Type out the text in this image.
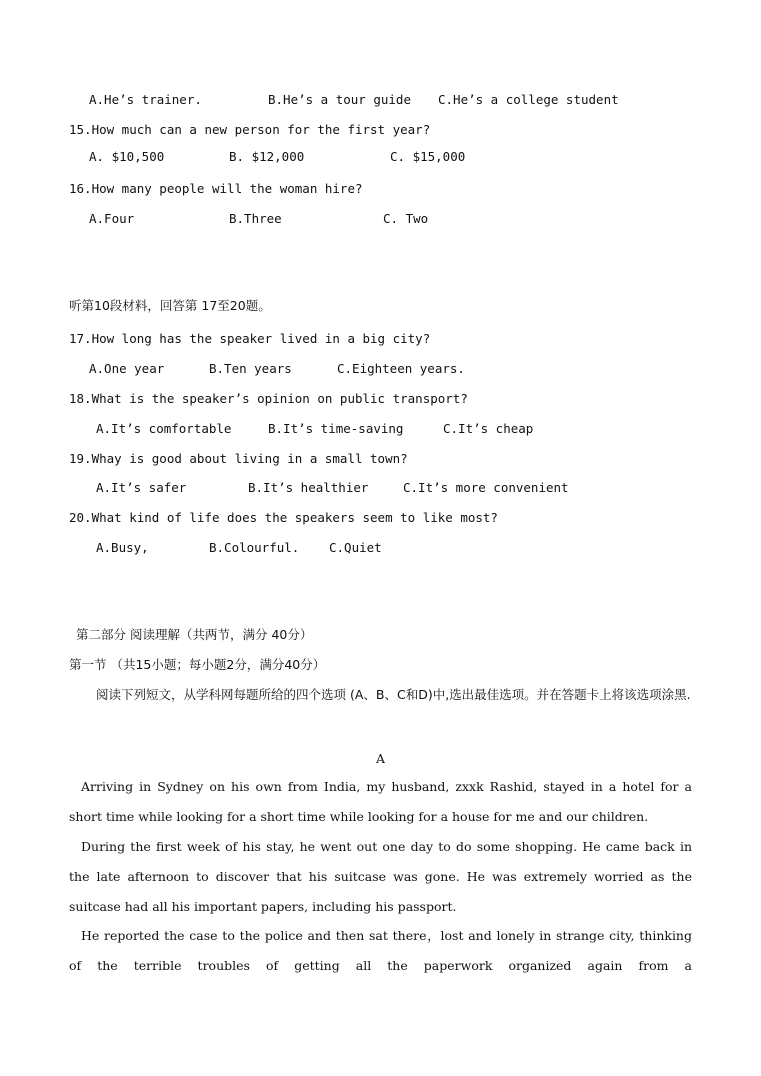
A.He’s trainer.	B.He’s a tour guide C.He’s a college student
15.How much can a new person for the first year?
A. $10,500	B. $12,000	C. $15,000
16.How many people will the woman hire?
A.Four	B.Three	C. Two
听第10段材料，回答第 17至20题。
17.How long has the speaker lived in a big city?
A.One year	B.Ten years	C.Eighteen years.
18.What is the speaker’s opinion on public transport?
A.It’s comfortable	B.It’s time-saving	C.It’s cheap
19.Whay is good about living in a small town?
A.It’s safer	B.It’s healthier	C.It’s more convenient
20.What kind of life does the speakers seem to like most?
A.Busy,	B.Colourful. C.Quiet
第二部分 阅读理解（共两节，满分 40分）
第一节 （共15小题；每小题2分，满分40分）
阅读下列短文，从学科网每题所给的四个选项 (A、B、C和D)中,选出最佳选项。并在答题卡上将该选项涂黑.
A
Arriving in Sydney on his own from India, my husband, zxxk Rashid, stayed in a hotel for a short time while looking for a short time while looking for a house for me and our children.
During the first week of his stay, he went out one day to do some shopping. He came back in the late afternoon to discover that his suitcase was gone. He was extremely worried as the suitcase had all his important papers, including his passport.
He reported the case to the police and then sat there，lost and lonely in strange city, thinking of the terrible troubles of getting all the paperwork organized again from a
